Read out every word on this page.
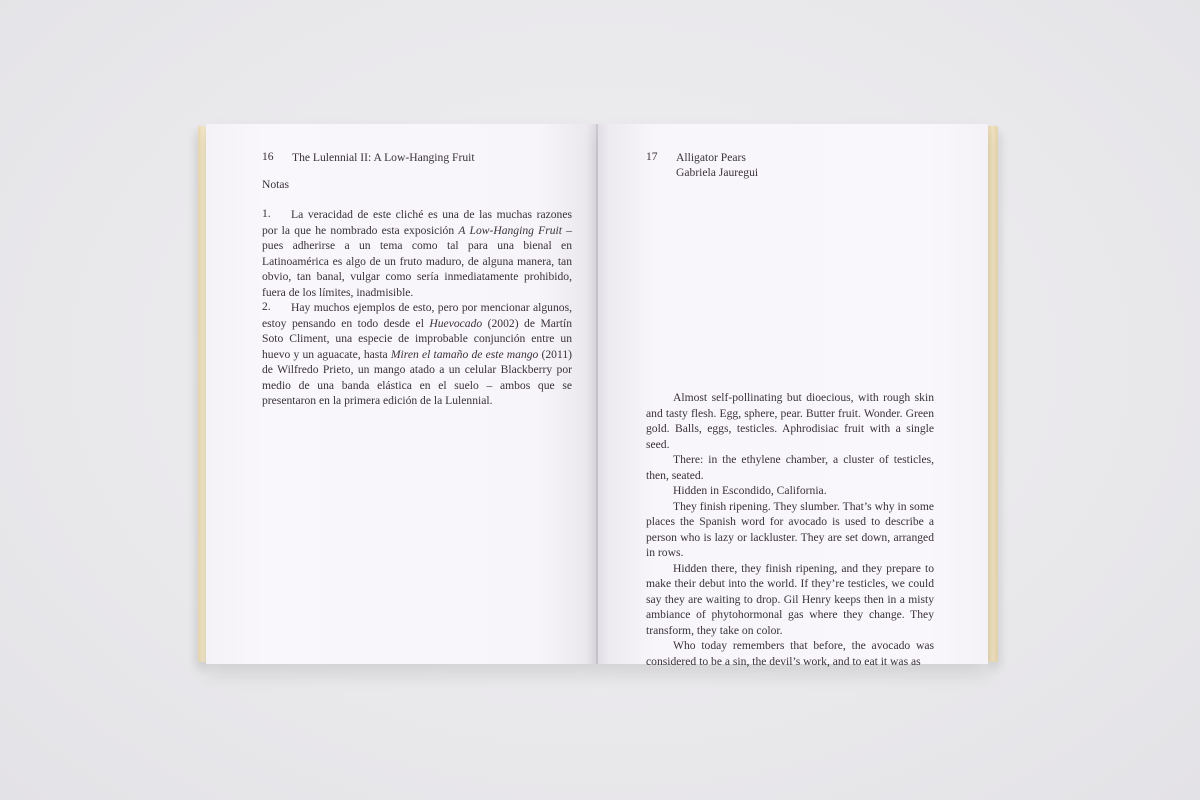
16 The Lulennial II: A Low-Hanging Fruit
Notas
1.	La veracidad de este cliché es una de las muchas razones por la que he nombrado esta exposición A Low-Hanging Fruit – pues adherirse a un tema como tal para una bienal en Latinoamérica es algo de un fruto maduro, de alguna manera, tan obvio, tan banal, vulgar como sería inmediatamente prohibido, fuera de los límites, inadmisible.

2.	Hay muchos ejemplos de esto, pero por mencionar algunos, estoy pensando en todo desde el Huevocado (2002) de Martín Soto Climent, una especie de improbable conjunción entre un huevo y un aguacate, hasta Miren el tamaño de este mango (2011) de Wilfredo Prieto, un mango atado a un celular Blackberry por medio de una banda elástica en el suelo – ambos que se presentaron en la primera edición de la Lulennial.

17 Alligator Pears
Gabriela Jauregui

Almost self-pollinating but dioecious, with rough skin and tasty flesh. Egg, sphere, pear. Butter fruit. Wonder. Green gold. Balls, eggs, testicles. Aphrodisiac fruit with a single seed.

There: in the ethylene chamber, a cluster of testicles, then, seated.

Hidden in Escondido, California.

They finish ripening. They slumber. That’s why in some places the Spanish word for avocado is used to describe a person who is lazy or lackluster. They are set down, arranged in rows.

Hidden there, they finish ripening, and they prepare to make their debut into the world. If they’re testicles, we could say they are waiting to drop. Gil Henry keeps then in a misty ambiance of phytohormonal gas where they change. They transform, they take on color.

Who today remembers that before, the avocado was considered to be a sin, the devil’s work, and to eat it was as
